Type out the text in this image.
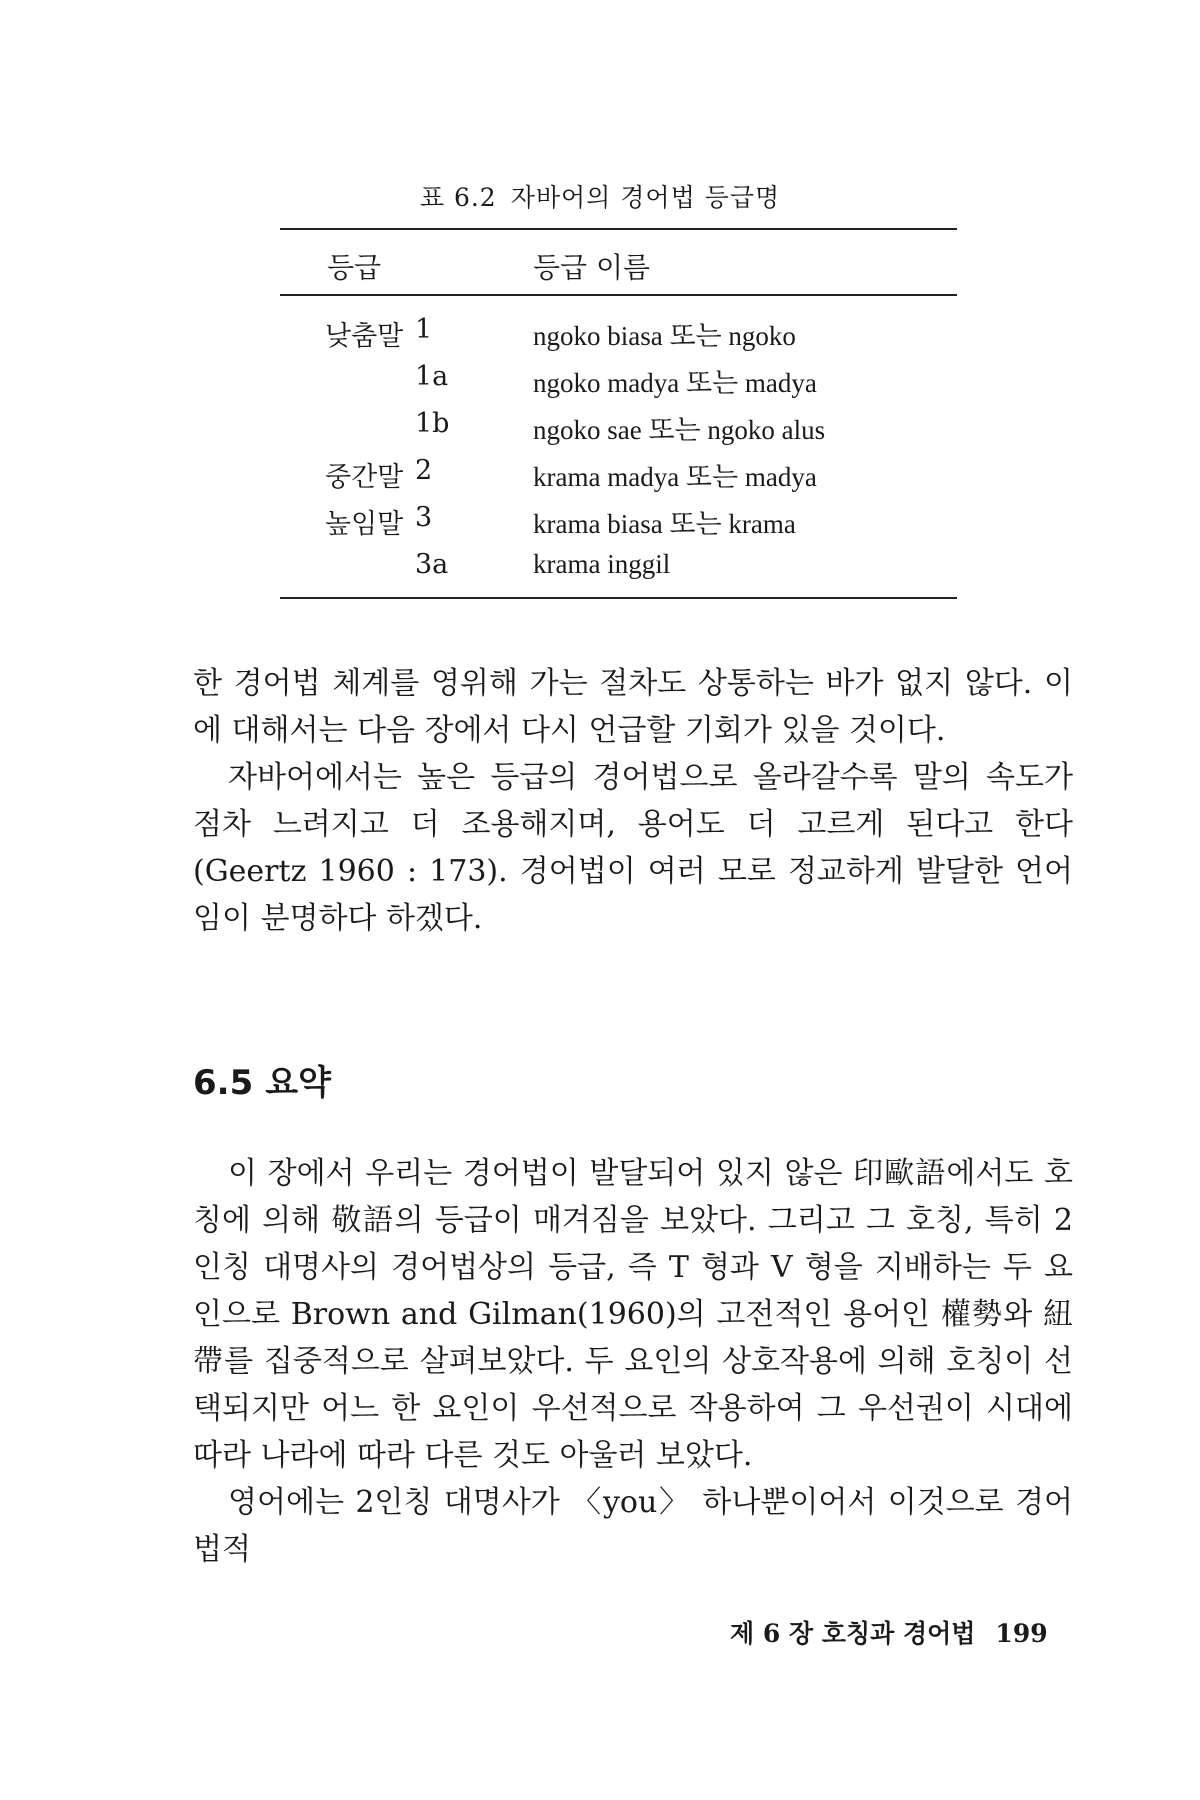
표 6.2 자바어의 경어법 등급명
등급	등급 이름
낮춤말 1	ngoko biasa 또는 ngoko
1a	ngoko madya 또는 madya
1b	ngoko sae 또는 ngoko alus
중간말 2	krama madya 또는 madya
높임말 3	krama biasa 또는 krama
3a	krama inggil

한 경어법 체계를 영위해 가는 절차도 상통하는 바가 없지 않다. 이에 대해서는 다음 장에서 다시 언급할 기회가 있을 것이다.

자바어에서는 높은 등급의 경어법으로 올라갈수록 말의 속도가 점차 느려지고 더 조용해지며, 용어도 더 고르게 된다고 한다(Geertz 1960 : 173). 경어법이 여러 모로 정교하게 발달한 언어임이 분명하다 하겠다.

6.5 요약

이 장에서 우리는 경어법이 발달되어 있지 않은 印歐語에서도 호칭에 의해 敬語의 등급이 매겨짐을 보았다. 그리고 그 호칭, 특히 2인칭 대명사의 경어법상의 등급, 즉 T 형과 V 형을 지배하는 두 요인으로 Brown and Gilman(1960)의 고전적인 용어인 權勢와 紐帶를 집중적으로 살펴보았다. 두 요인의 상호작용에 의해 호칭이 선택되지만 어느 한 요인이 우선적으로 작용하여 그 우선권이 시대에 따라 나라에 따라 다른 것도 아울러 보았다.

영어에는 2인칭 대명사가 〈you〉 하나뿐이어서 이것으로 경어법적

제 6 장 호칭과 경어법 199
